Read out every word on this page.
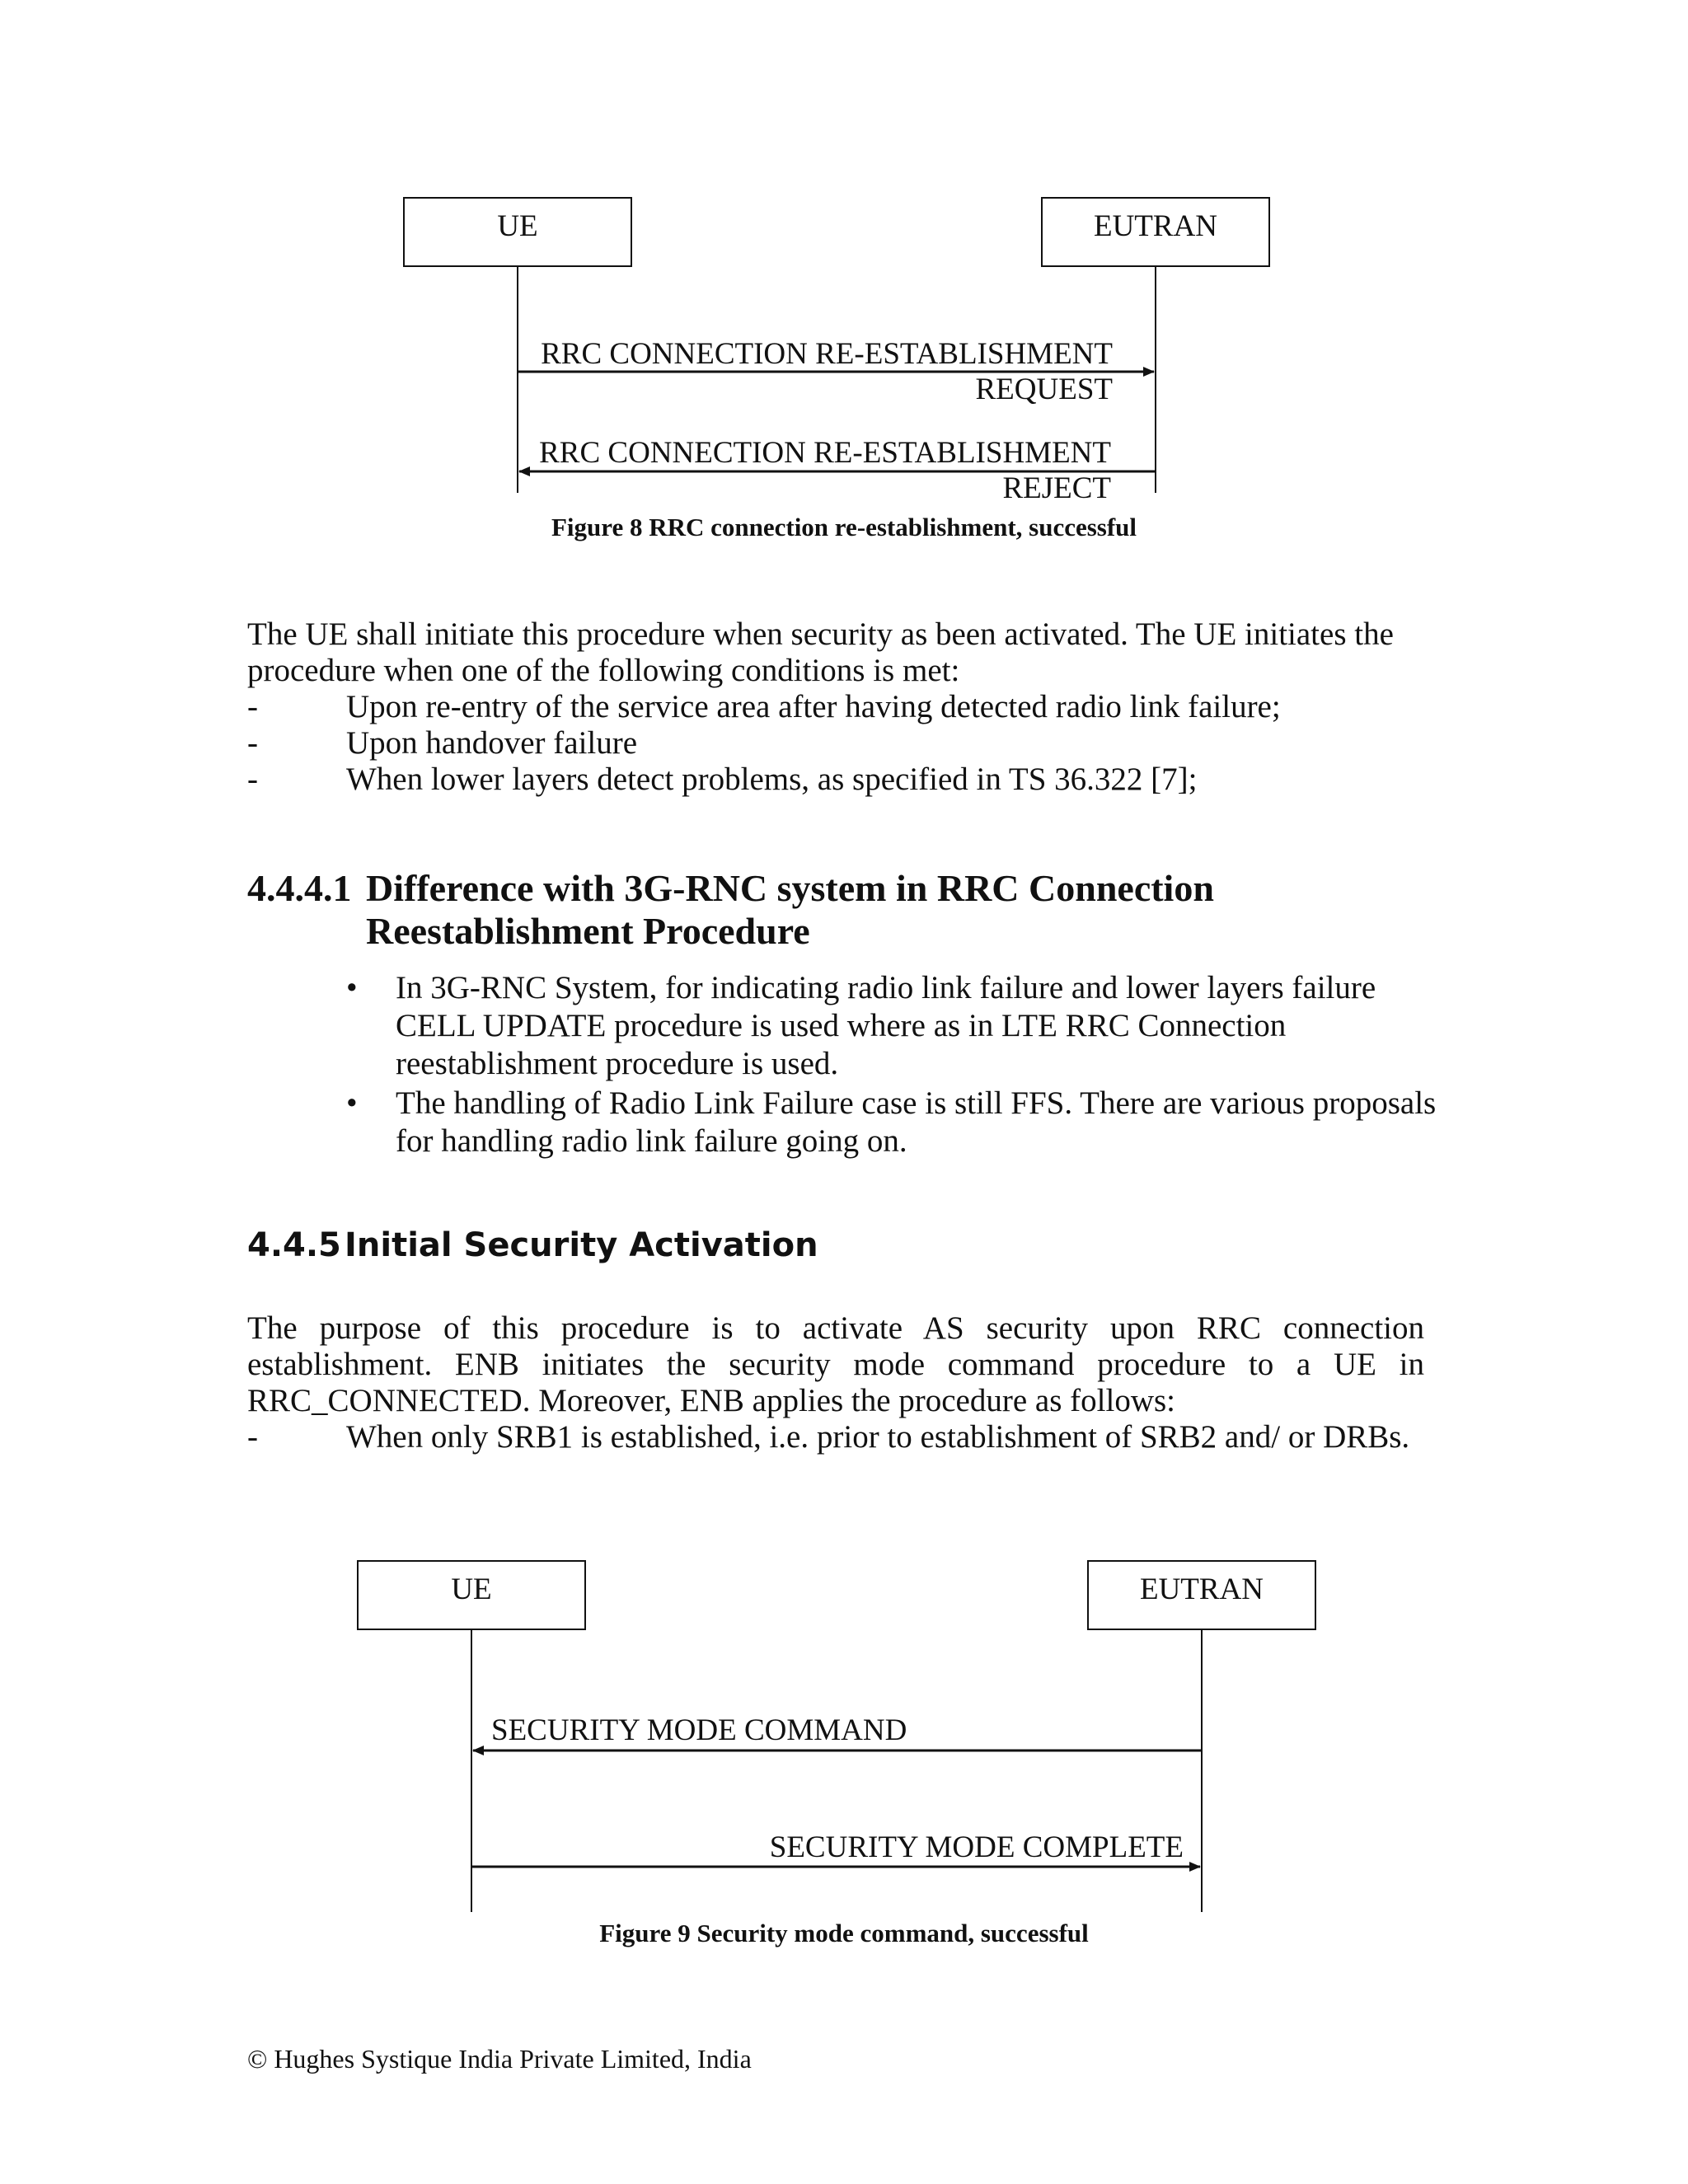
UE	EUTRAN
RRC CONNECTION RE-ESTABLISHMENT
REQUEST
RRC CONNECTION RE-ESTABLISHMENT
REJECT
Figure 8 RRC connection re-establishment, successful
The UE shall initiate this procedure when security as been activated. The UE initiates the procedure when one of the following conditions is met:
-	Upon re-entry of the service area after having detected radio link failure;
-	Upon handover failure
-	When lower layers detect problems, as specified in TS 36.322 [7];
4.4.4.1 Difference with 3G-RNC system in RRC Connection
Reestablishment Procedure
• In 3G-RNC System, for indicating radio link failure and lower layers failure CELL UPDATE procedure is used where as in LTE RRC Connection reestablishment procedure is used.
• The handling of Radio Link Failure case is still FFS. There are various proposals for handling radio link failure going on.
4.4.5 Initial Security Activation
The purpose of this procedure is to activate AS security upon RRC connection establishment. ENB initiates the security mode command procedure to a UE in RRC_CONNECTED. Moreover, ENB applies the procedure as follows:
-	When only SRB1 is established, i.e. prior to establishment of SRB2 and/ or DRBs.
UE	EUTRAN
SECURITY MODE COMMAND
SECURITY MODE COMPLETE
Figure 9 Security mode command, successful
© Hughes Systique India Private Limited, India
